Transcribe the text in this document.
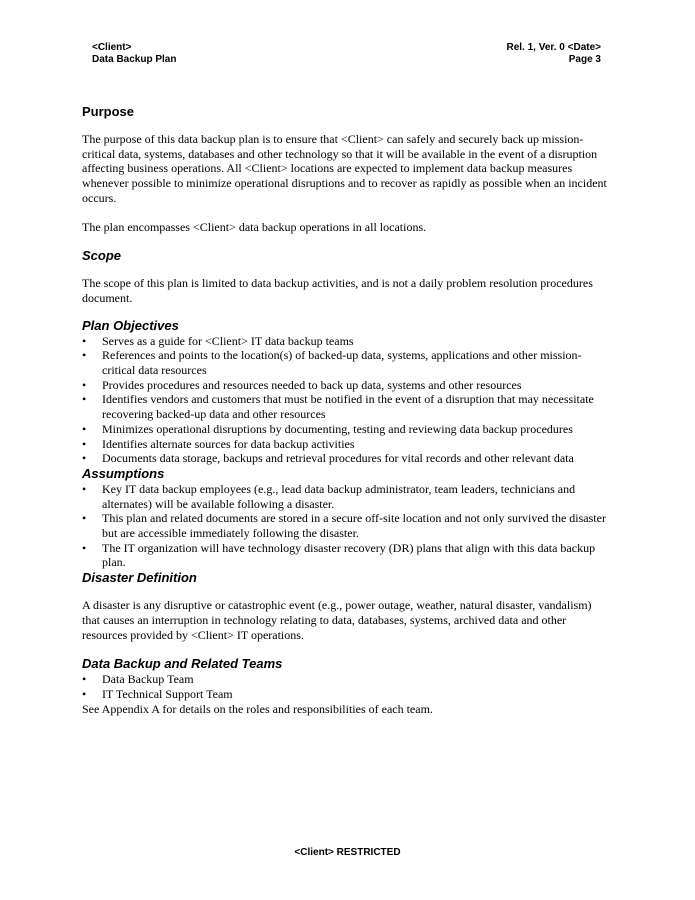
<Client>
Data Backup Plan
Rel. 1, Ver. 0 <Date>
Page 3
Purpose

The purpose of this data backup plan is to ensure that <Client> can safely and securely back up mission-critical data, systems, databases and other technology so that it will be available in the event of a disruption affecting business operations. All <Client> locations are expected to implement data backup measures whenever possible to minimize operational disruptions and to recover as rapidly as possible when an incident occurs.

The plan encompasses <Client> data backup operations in all locations.

Scope

The scope of this plan is limited to data backup activities, and is not a daily problem resolution procedures document.

Plan Objectives
• Serves as a guide for <Client> IT data backup teams
• References and points to the location(s) of backed-up data, systems, applications and other mission-critical data resources
• Provides procedures and resources needed to back up data, systems and other resources
• Identifies vendors and customers that must be notified in the event of a disruption that may necessitate recovering backed-up data and other resources
• Minimizes operational disruptions by documenting, testing and reviewing data backup procedures
• Identifies alternate sources for data backup activities
• Documents data storage, backups and retrieval procedures for vital records and other relevant data
Assumptions
• Key IT data backup employees (e.g., lead data backup administrator, team leaders, technicians and alternates) will be available following a disaster.
• This plan and related documents are stored in a secure off-site location and not only survived the disaster but are accessible immediately following the disaster.
• The IT organization will have technology disaster recovery (DR) plans that align with this data backup plan.
Disaster Definition

A disaster is any disruptive or catastrophic event (e.g., power outage, weather, natural disaster, vandalism) that causes an interruption in technology relating to data, databases, systems, archived data and other resources provided by <Client> IT operations.

Data Backup and Related Teams
• Data Backup Team
• IT Technical Support Team

See Appendix A for details on the roles and responsibilities of each team.

<Client> RESTRICTED
